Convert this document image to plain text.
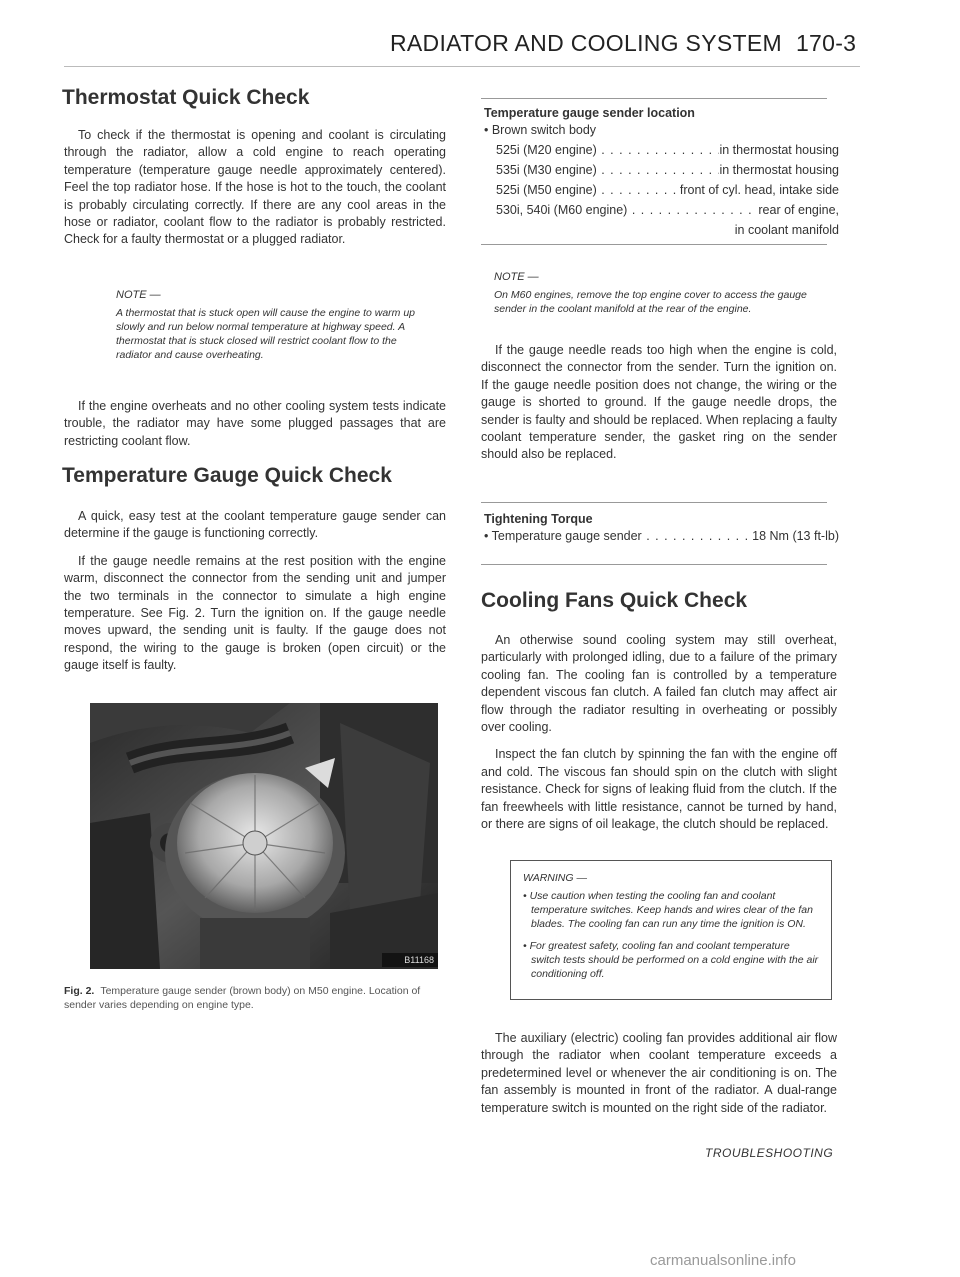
RADIATOR AND COOLING SYSTEM 170-3
Thermostat Quick Check

To check if the thermostat is opening and coolant is circulating through the radiator, allow a cold engine to reach operating temperature (temperature gauge needle approximately centered). Feel the top radiator hose. If the hose is hot to the touch, the coolant is probably circulating correctly. If there are any cool areas in the hose or radiator, coolant flow to the radiator is probably restricted. Check for a faulty thermostat or a plugged radiator.

NOTE —
A thermostat that is stuck open will cause the engine to warm up slowly and run below normal temperature at highway speed. A thermostat that is stuck closed will restrict coolant flow to the radiator and cause overheating.

If the engine overheats and no other cooling system tests indicate trouble, the radiator may have some plugged passages that are restricting coolant flow.

Temperature Gauge Quick Check

A quick, easy test at the coolant temperature gauge sender can determine if the gauge is functioning correctly.

If the gauge needle remains at the rest position with the engine warm, disconnect the connector from the sending unit and jumper the two terminals in the connector to simulate a high engine temperature. See Fig. 2. Turn the ignition on. If the gauge needle moves upward, the sending unit is faulty. If the gauge does not respond, the wiring to the gauge is broken (open circuit) or the gauge itself is faulty.

B11168
Fig. 2. Temperature gauge sender (brown body) on M50 engine. Location of sender varies depending on engine type.
Temperature gauge sender location
• Brown switch body
525i (M20 engine) . . .	in thermostat housing
535i (M30 engine) . . .	in thermostat housing
525i (M50 engine) . . .	front of cyl. head, intake side
530i, 540i (M60 engine) . . .	rear of engine,
in coolant manifold
NOTE —
On M60 engines, remove the top engine cover to access the gauge sender in the coolant manifold at the rear of the engine.

If the gauge needle reads too high when the engine is cold, disconnect the connector from the sender. Turn the ignition on. If the gauge needle position does not change, the wiring or the gauge is shorted to ground. If the gauge needle drops, the sender is faulty and should be replaced. When replacing a faulty coolant temperature sender, the gasket ring on the sender should also be replaced.

Tightening Torque
• Temperature gauge sender . . .	18 Nm (13 ft-lb)
Cooling Fans Quick Check

An otherwise sound cooling system may still overheat, particularly with prolonged idling, due to a failure of the primary cooling fan. The cooling fan is controlled by a temperature dependent viscous fan clutch. A failed fan clutch may affect air flow through the radiator resulting in overheating or possibly over cooling.

Inspect the fan clutch by spinning the fan with the engine off and cold. The viscous fan should spin on the clutch with slight resistance. Check for signs of leaking fluid from the clutch. If the fan freewheels with little resistance, cannot be turned by hand, or there are signs of oil leakage, the clutch should be replaced.

WARNING —
• Use caution when testing the cooling fan and coolant temperature switches. Keep hands and wires clear of the fan blades. The cooling fan can run any time the ignition is ON.
• For greatest safety, cooling fan and coolant temperature switch tests should be performed on a cold engine with the air conditioning off.

The auxiliary (electric) cooling fan provides additional air flow through the radiator when coolant temperature exceeds a predetermined level or whenever the air conditioning is on. The fan assembly is mounted in front of the radiator. A dual-range temperature switch is mounted on the right side of the radiator.

TROUBLESHOOTING
carmanualsonline.info
